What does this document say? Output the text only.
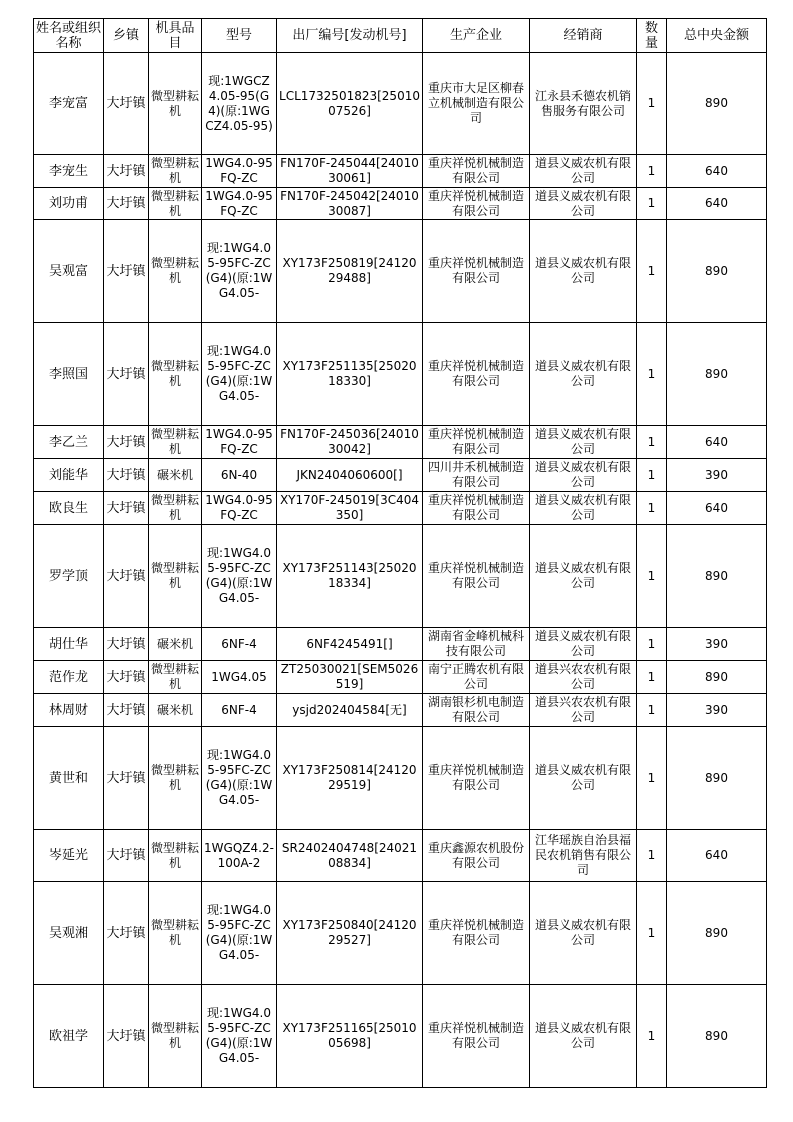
姓名或组织名称	乡镇	机具品目	型号	出厂编号[发动机号]	生产企业	经销商	数量	总中央金额

李宠富	大圩镇	微型耕耘机	现:1WGCZ4.05-95(G4)(原:1WGCZ4.05-95)	LCL1732501823[2501007526]	重庆市大足区柳春立机械制造有限公司	江永县禾德农机销售服务有限公司	1	890

李宠生	大圩镇	微型耕耘机	1WG4.0-95FQ-ZC	FN170F-245044[2401030061]	重庆祥悦机械制造有限公司	道县义威农机有限公司	1	640

刘功甫	大圩镇	微型耕耘机	1WG4.0-95FQ-ZC	FN170F-245042[2401030087]	重庆祥悦机械制造有限公司	道县义威农机有限公司	1	640

吴观富	大圩镇	微型耕耘机	现:1WG4.05-95FC-ZC(G4)(原:1WG4.05-	XY173F250819[2412029488]	重庆祥悦机械制造有限公司	道县义威农机有限公司	1	890

李照国	大圩镇	微型耕耘机	现:1WG4.05-95FC-ZC(G4)(原:1WG4.05-	XY173F251135[2502018330]	重庆祥悦机械制造有限公司	道县义威农机有限公司	1	890

李乙兰	大圩镇	微型耕耘机	1WG4.0-95FQ-ZC	FN170F-245036[2401030042]	重庆祥悦机械制造有限公司	道县义威农机有限公司	1	640

刘能华	大圩镇	碾米机	6N-40	JKN2404060600[]	四川井禾机械制造有限公司	道县义威农机有限公司	1	390

欧良生	大圩镇	微型耕耘机	1WG4.0-95FQ-ZC	XY170F-245019[3C404350]	重庆祥悦机械制造有限公司	道县义威农机有限公司	1	640

罗学顶	大圩镇	微型耕耘机	现:1WG4.05-95FC-ZC(G4)(原:1WG4.05-	XY173F251143[2502018334]	重庆祥悦机械制造有限公司	道县义威农机有限公司	1	890

胡仕华	大圩镇	碾米机	6NF-4	6NF4245491[]	湖南省金峰机械科技有限公司	道县义威农机有限公司	1	390

范作龙	大圩镇	微型耕耘机	1WG4.05	ZT25030021[SEM5026519]	南宁正腾农机有限公司	道县兴农农机有限公司	1	890

林周财	大圩镇	碾米机	6NF-4	ysjd202404584[无]	湖南银杉机电制造有限公司	道县兴农农机有限公司	1	390

黄世和	大圩镇	微型耕耘机	现:1WG4.05-95FC-ZC(G4)(原:1WG4.05-	XY173F250814[2412029519]	重庆祥悦机械制造有限公司	道县义威农机有限公司	1	890

岑延光	大圩镇	微型耕耘机	1WGQZ4.2-100A-2	SR2402404748[2402108834]	重庆鑫源农机股份有限公司	江华瑶族自治县福民农机销售有限公司	1	640

吴观湘	大圩镇	微型耕耘机	现:1WG4.05-95FC-ZC(G4)(原:1WG4.05-	XY173F250840[2412029527]	重庆祥悦机械制造有限公司	道县义威农机有限公司	1	890

欧祖学	大圩镇	微型耕耘机	现:1WG4.05-95FC-ZC(G4)(原:1WG4.05-	XY173F251165[2501005698]	重庆祥悦机械制造有限公司	道县义威农机有限公司	1	890
